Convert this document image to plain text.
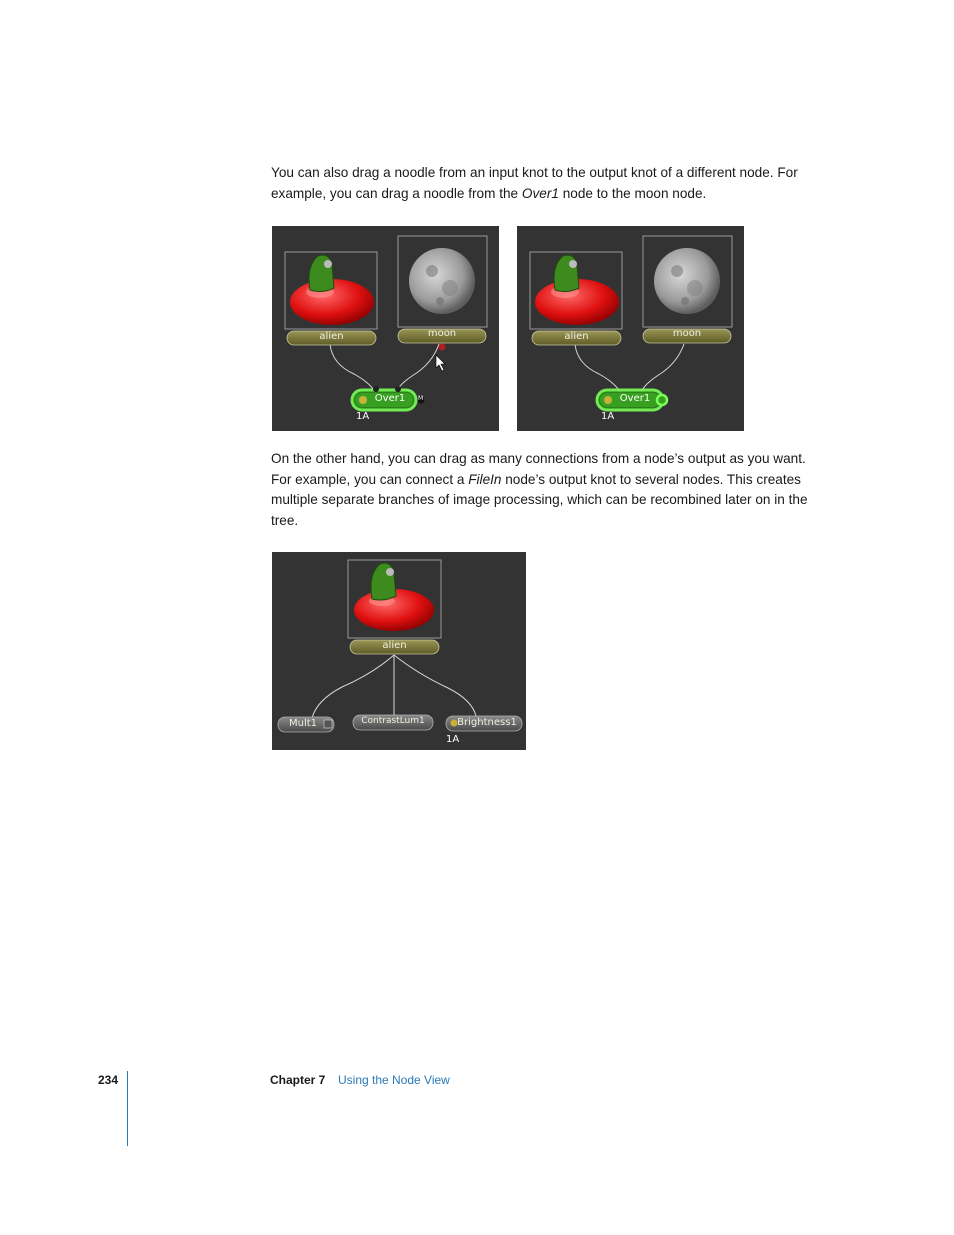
You can also drag a noodle from an input knot to the output knot of a different node. For example, you can drag a noodle from the Over1 node to the moon node.

alien	moon
Over1	M
1A
alien	moon
Over1
1A

On the other hand, you can drag as many connections from a node’s output as you want. For example, you can connect a FileIn node’s output knot to several nodes. This creates multiple separate branches of image processing, which can be recombined later on in the tree.

alien
Mult1	ContrastLum1	Brightness1
1A
234	Chapter 7 Using the Node View
